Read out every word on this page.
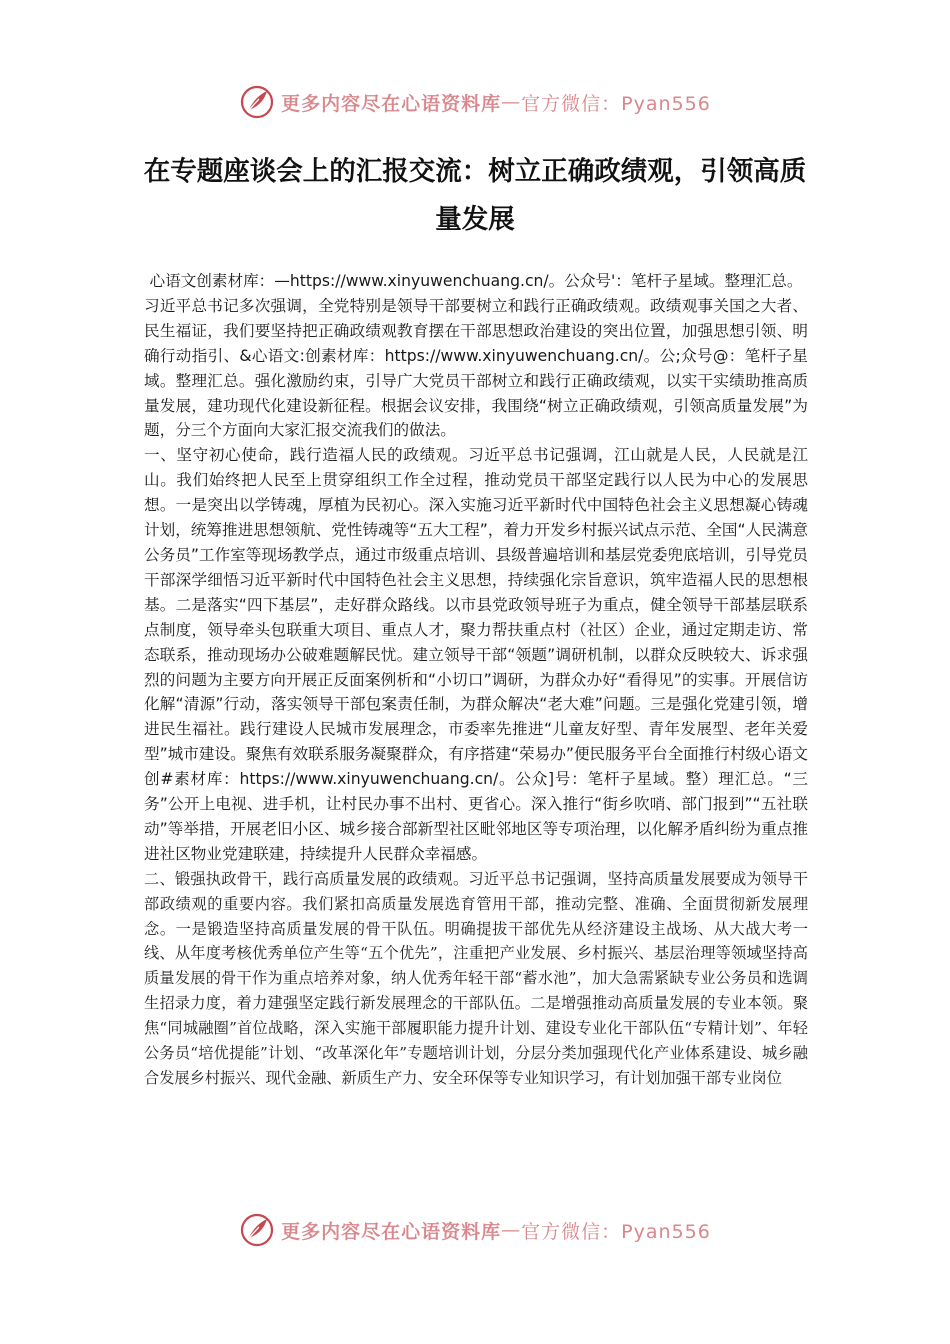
更多内容尽在心语资料库 — 官方微信：Pyan556
在专题座谈会上的汇报交流：树立正确政绩观，引领高质量发展

心语文创素材库：—https://www.xinyuwenchuang.cn/。公众号'：笔杆子星域。整理汇总。

习近平总书记多次强调，全党特别是领导干部要树立和践行正确政绩观。政绩观事关国之大者、民生福证，我们要坚持把正确政绩观教育摆在干部思想政治建设的突出位置，加强思想引领、明确行动指引、&心语文:创素材库：https://www.xinyuwenchuang.cn/。公;众号@：笔杆子星域。整理汇总。强化激励约束，引导广大党员干部树立和践行正确政绩观，以实干实绩助推高质量发展，建功现代化建设新征程。根据会议安排，我围绕“树立正确政绩观，引领高质量发展”为题，分三个方面向大家汇报交流我们的做法。

一、坚守初心使命，践行造福人民的政绩观。习近平总书记强调，江山就是人民，人民就是江山。我们始终把人民至上贯穿组织工作全过程，推动党员干部坚定践行以人民为中心的发展思想。一是突出以学铸魂，厚植为民初心。深入实施习近平新时代中国特色社会主义思想凝心铸魂计划，统筹推进思想领航、党性铸魂等“五大工程”，着力开发乡村振兴试点示范、全国“人民满意公务员”工作室等现场教学点，通过市级重点培训、县级普遍培训和基层党委兜底培训，引导党员干部深学细悟习近平新时代中国特色社会主义思想，持续强化宗旨意识，筑牢造福人民的思想根基。二是落实“四下基层”，走好群众路线。以市县党政领导班子为重点，健全领导干部基层联系点制度，领导牵头包联重大项目、重点人才，聚力帮扶重点村（社区）企业，通过定期走访、常态联系，推动现场办公破难题解民忧。建立领导干部“领题”调研机制，以群众反映较大、诉求强烈的问题为主要方向开展正反面案例析和“小切口”调研，为群众办好“看得见”的实事。开展信访化解“清源”行动，落实领导干部包案责任制，为群众解决“老大难”问题。三是强化党建引领，增进民生福社。践行建设人民城市发展理念，市委率先推进“儿童友好型、青年发展型、老年关爱型”城市建设。聚焦有效联系服务凝聚群众，有序搭建“荣易办”便民服务平台全面推行村级心语文创#素材库：https://www.xinyuwenchuang.cn/。公众]号：笔杆子星域。整）理汇总。“三务”公开上电视、进手机，让村民办事不出村、更省心。深入推行“街乡吹哨、部门报到”“五社联动”等举措，开展老旧小区、城乡接合部新型社区毗邻地区等专项治理，以化解矛盾纠纷为重点推进社区物业党建联建，持续提升人民群众幸福感。

二、锻强执政骨干，践行高质量发展的政绩观。习近平总书记强调，坚持高质量发展要成为领导干部政绩观的重要内容。我们紧扣高质量发展选育管用干部，推动完整、准确、全面贯彻新发展理念。一是锻造坚持高质量发展的骨干队伍。明确提拔干部优先从经济建设主战场、从大战大考一线、从年度考核优秀单位产生等“五个优先”，注重把产业发展、乡村振兴、基层治理等领域坚持高质量发展的骨干作为重点培养对象，纳人优秀年轻干部“蓄水池”，加大急需紧缺专业公务员和选调生招录力度，着力建强坚定践行新发展理念的干部队伍。二是增强推动高质量发展的专业本领。聚焦“同城融圈”首位战略，深入实施干部履职能力提升计划、建设专业化干部队伍“专精计划”、年轻公务员“培优提能”计划、“改革深化年”专题培训计划，分层分类加强现代化产业体系建设、城乡融合发展乡村振兴、现代金融、新质生产力、安全环保等专业知识学习，有计划加强干部专业岗位

更多内容尽在心语资料库 — 官方微信：Pyan556
